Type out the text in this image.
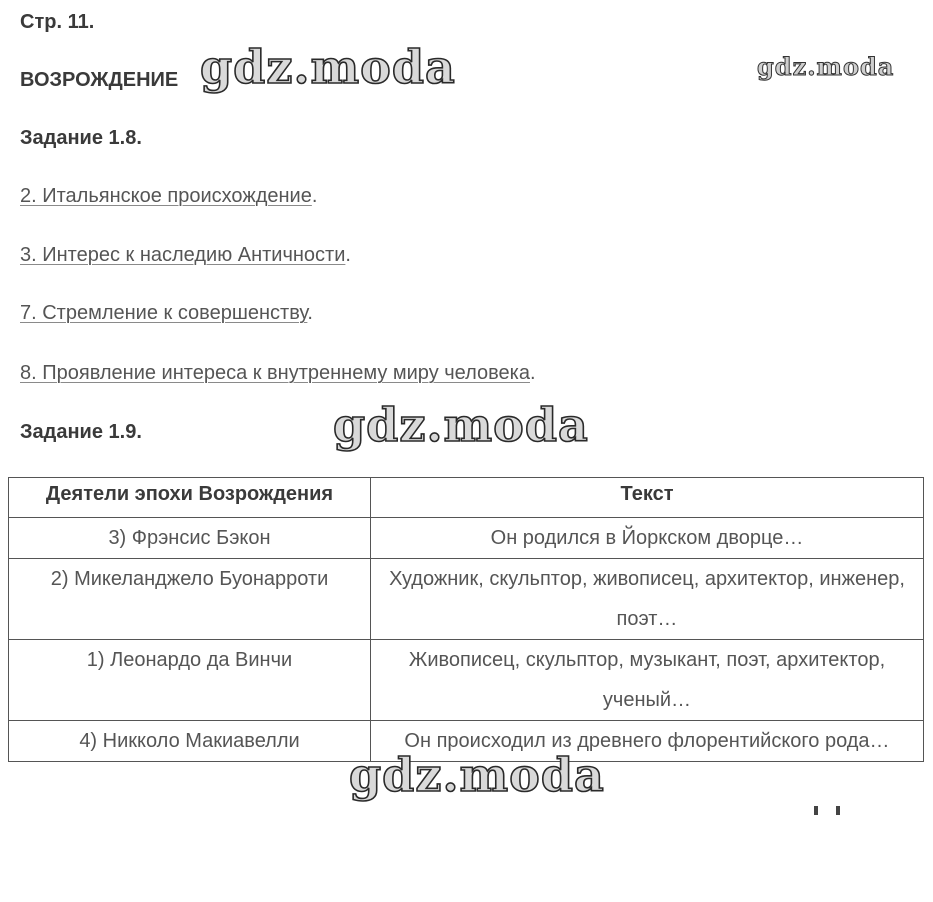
Стр. 11.
ВОЗРОЖДЕНИЕ
Задание 1.8.
2. Итальянское происхождение.
3. Интерес к наследию Античности.
7. Стремление к совершенству.
8. Проявление интереса к внутреннему миру человека.
Задание 1.9.
Деятели эпохи Возрождения	Текст
3) Фрэнсис Бэкон	Он родился в Йоркском дворце…
2) Микеланджело Буонарроти	Художник, скульптор, живописец, архитектор, инженер, поэт…
1) Леонардо да Винчи	Живописец, скульптор, музыкант, поэт, архитектор, ученый…
4) Никколо Макиавелли	Он происходил из древнего флорентийского рода…
gdz.moda	gdz.moda
gdz.moda
gdz.moda
